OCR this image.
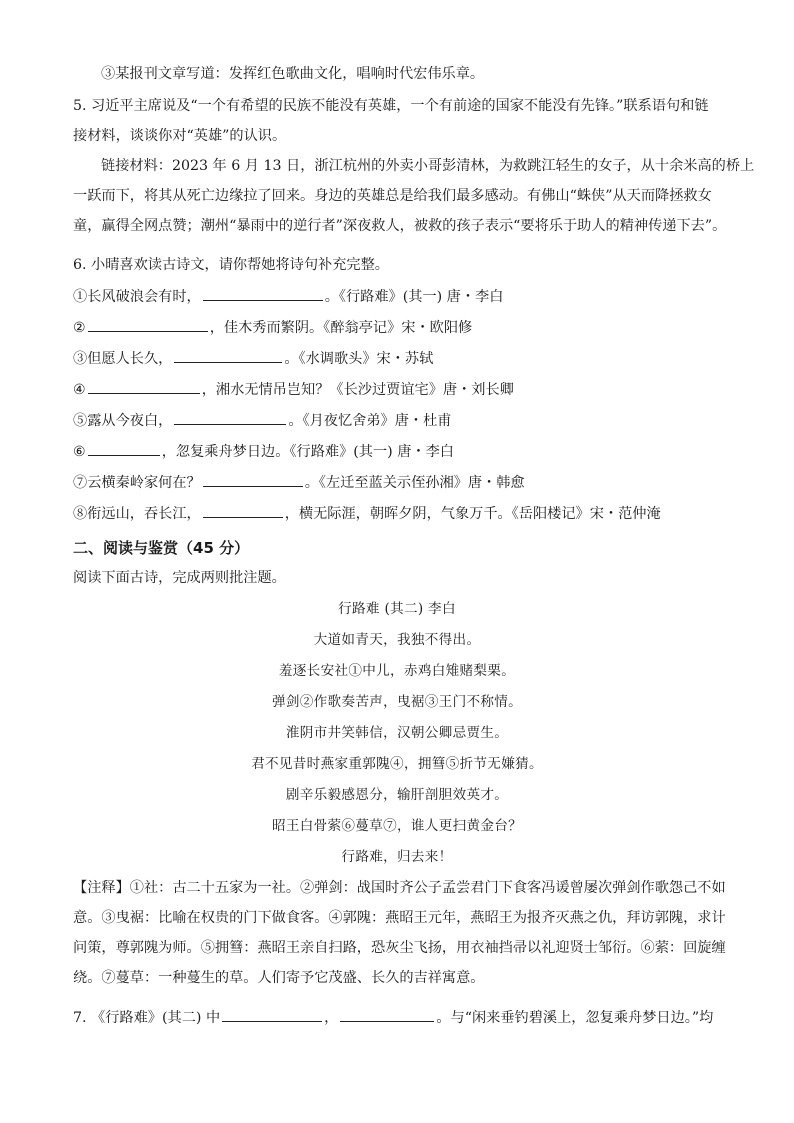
③某报刊文章写道：发挥红色歌曲文化，唱响时代宏伟乐章。
5. 习近平主席说及“一个有希望的民族不能没有英雄，一个有前途的国家不能没有先锋。”联系语句和链
接材料，谈谈你对“英雄”的认识。
链接材料：2023 年 6 月 13 日，浙江杭州的外卖小哥彭清林，为救跳江轻生的女子，从十余米高的桥上
一跃而下，将其从死亡边缘拉了回来。身边的英雄总是给我们最多感动。有佛山“蛛侠”从天而降拯救女
童，赢得全网点赞；潮州“暴雨中的逆行者”深夜救人，被救的孩子表示“要将乐于助人的精神传递下去”。
6. 小晴喜欢读古诗文，请你帮她将诗句补充完整。
①长风破浪会有时，	。《行路难》(其一) 唐・李白
②	，佳木秀而繁阴。《醉翁亭记》宋・欧阳修
③但愿人长久，	。《水调歌头》宋・苏轼
④	，湘水无情吊岂知？《长沙过贾谊宅》唐・刘长卿
⑤露从今夜白，	。《月夜忆舍弟》唐・杜甫
⑥	，忽复乘舟梦日边。《行路难》(其一) 唐・李白
⑦云横秦岭家何在？	。《左迁至蓝关示侄孙湘》唐・韩愈
⑧衔远山，吞长江，	，横无际涯，朝晖夕阴，气象万千。《岳阳楼记》宋・范仲淹
二、阅读与鉴赏（45 分）
阅读下面古诗，完成两则批注题。
行路难 (其二) 李白
大道如青天，我独不得出。
羞逐长安社①中儿，赤鸡白雉赌梨栗。
弹剑②作歌奏苦声，曳裾③王门不称情。
淮阴市井笑韩信，汉朝公卿忌贾生。
君不见昔时燕家重郭隗④，拥篲⑤折节无嫌猜。
剧辛乐毅感恩分，输肝剖胆效英才。
昭王白骨萦⑥蔓草⑦，谁人更扫黄金台？
行路难，归去来！
【注释】①社：古二十五家为一社。②弹剑：战国时齐公子孟尝君门下食客冯谖曾屡次弹剑作歌怨己不如
意。③曳裾：比喻在权贵的门下做食客。④郭隗：燕昭王元年，燕昭王为报齐灭燕之仇，拜访郭隗，求计
问策，尊郭隗为师。⑤拥篲：燕昭王亲自扫路，恐灰尘飞扬，用衣袖挡帚以礼迎贤士邹衍。⑥萦：回旋缠
绕。⑦蔓草：一种蔓生的草。人们寄予它茂盛、长久的吉祥寓意。
7. 《行路难》(其二) 中	，	。与“闲来垂钓碧溪上，忽复乘舟梦日边。”均
